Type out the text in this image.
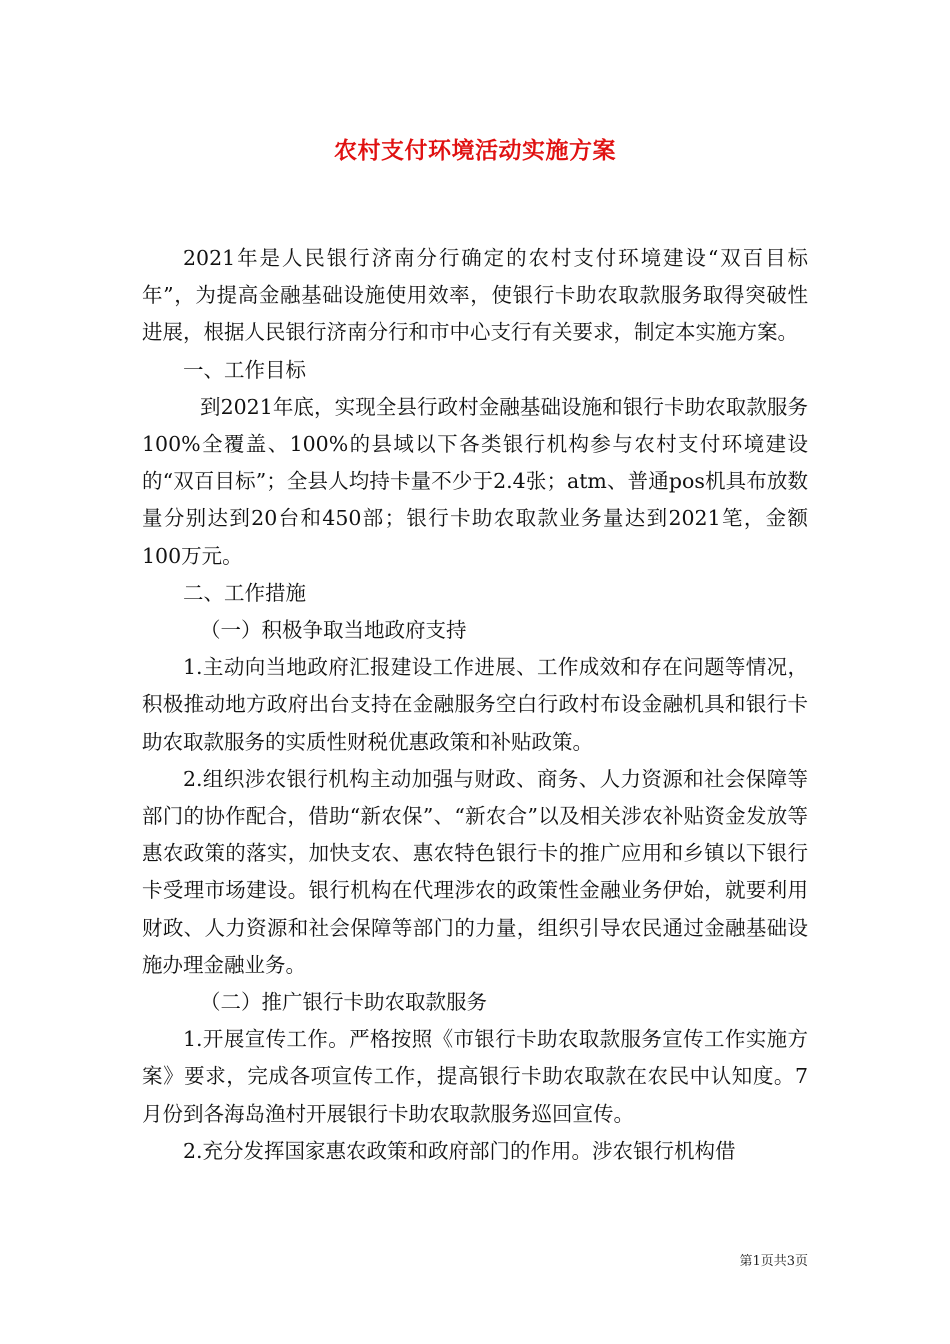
农村支付环境活动实施方案

2021年是人民银行济南分行确定的农村支付环境建设“双百目标年”，为提高金融基础设施使用效率，使银行卡助农取款服务取得突破性进展，根据人民银行济南分行和市中心支行有关要求，制定本实施方案。

一、工作目标

到2021年底，实现全县行政村金融基础设施和银行卡助农取款服务100%全覆盖、100%的县域以下各类银行机构参与农村支付环境建设的“双百目标”；全县人均持卡量不少于2.4张；atm、普通pos机具布放数量分别达到20台和450部；银行卡助农取款业务量达到2021笔，金额100万元。

二、工作措施

（一）积极争取当地政府支持

1.主动向当地政府汇报建设工作进展、工作成效和存在问题等情况，积极推动地方政府出台支持在金融服务空白行政村布设金融机具和银行卡助农取款服务的实质性财税优惠政策和补贴政策。

2.组织涉农银行机构主动加强与财政、商务、人力资源和社会保障等部门的协作配合，借助“新农保”、“新农合”以及相关涉农补贴资金发放等惠农政策的落实，加快支农、惠农特色银行卡的推广应用和乡镇以下银行卡受理市场建设。银行机构在代理涉农的政策性金融业务伊始，就要利用财政、人力资源和社会保障等部门的力量，组织引导农民通过金融基础设施办理金融业务。

（二）推广银行卡助农取款服务

1.开展宣传工作。严格按照《市银行卡助农取款服务宣传工作实施方案》要求，完成各项宣传工作，提高银行卡助农取款在农民中认知度。7月份到各海岛渔村开展银行卡助农取款服务巡回宣传。

2.充分发挥国家惠农政策和政府部门的作用。涉农银行机构借

第1页共3页
